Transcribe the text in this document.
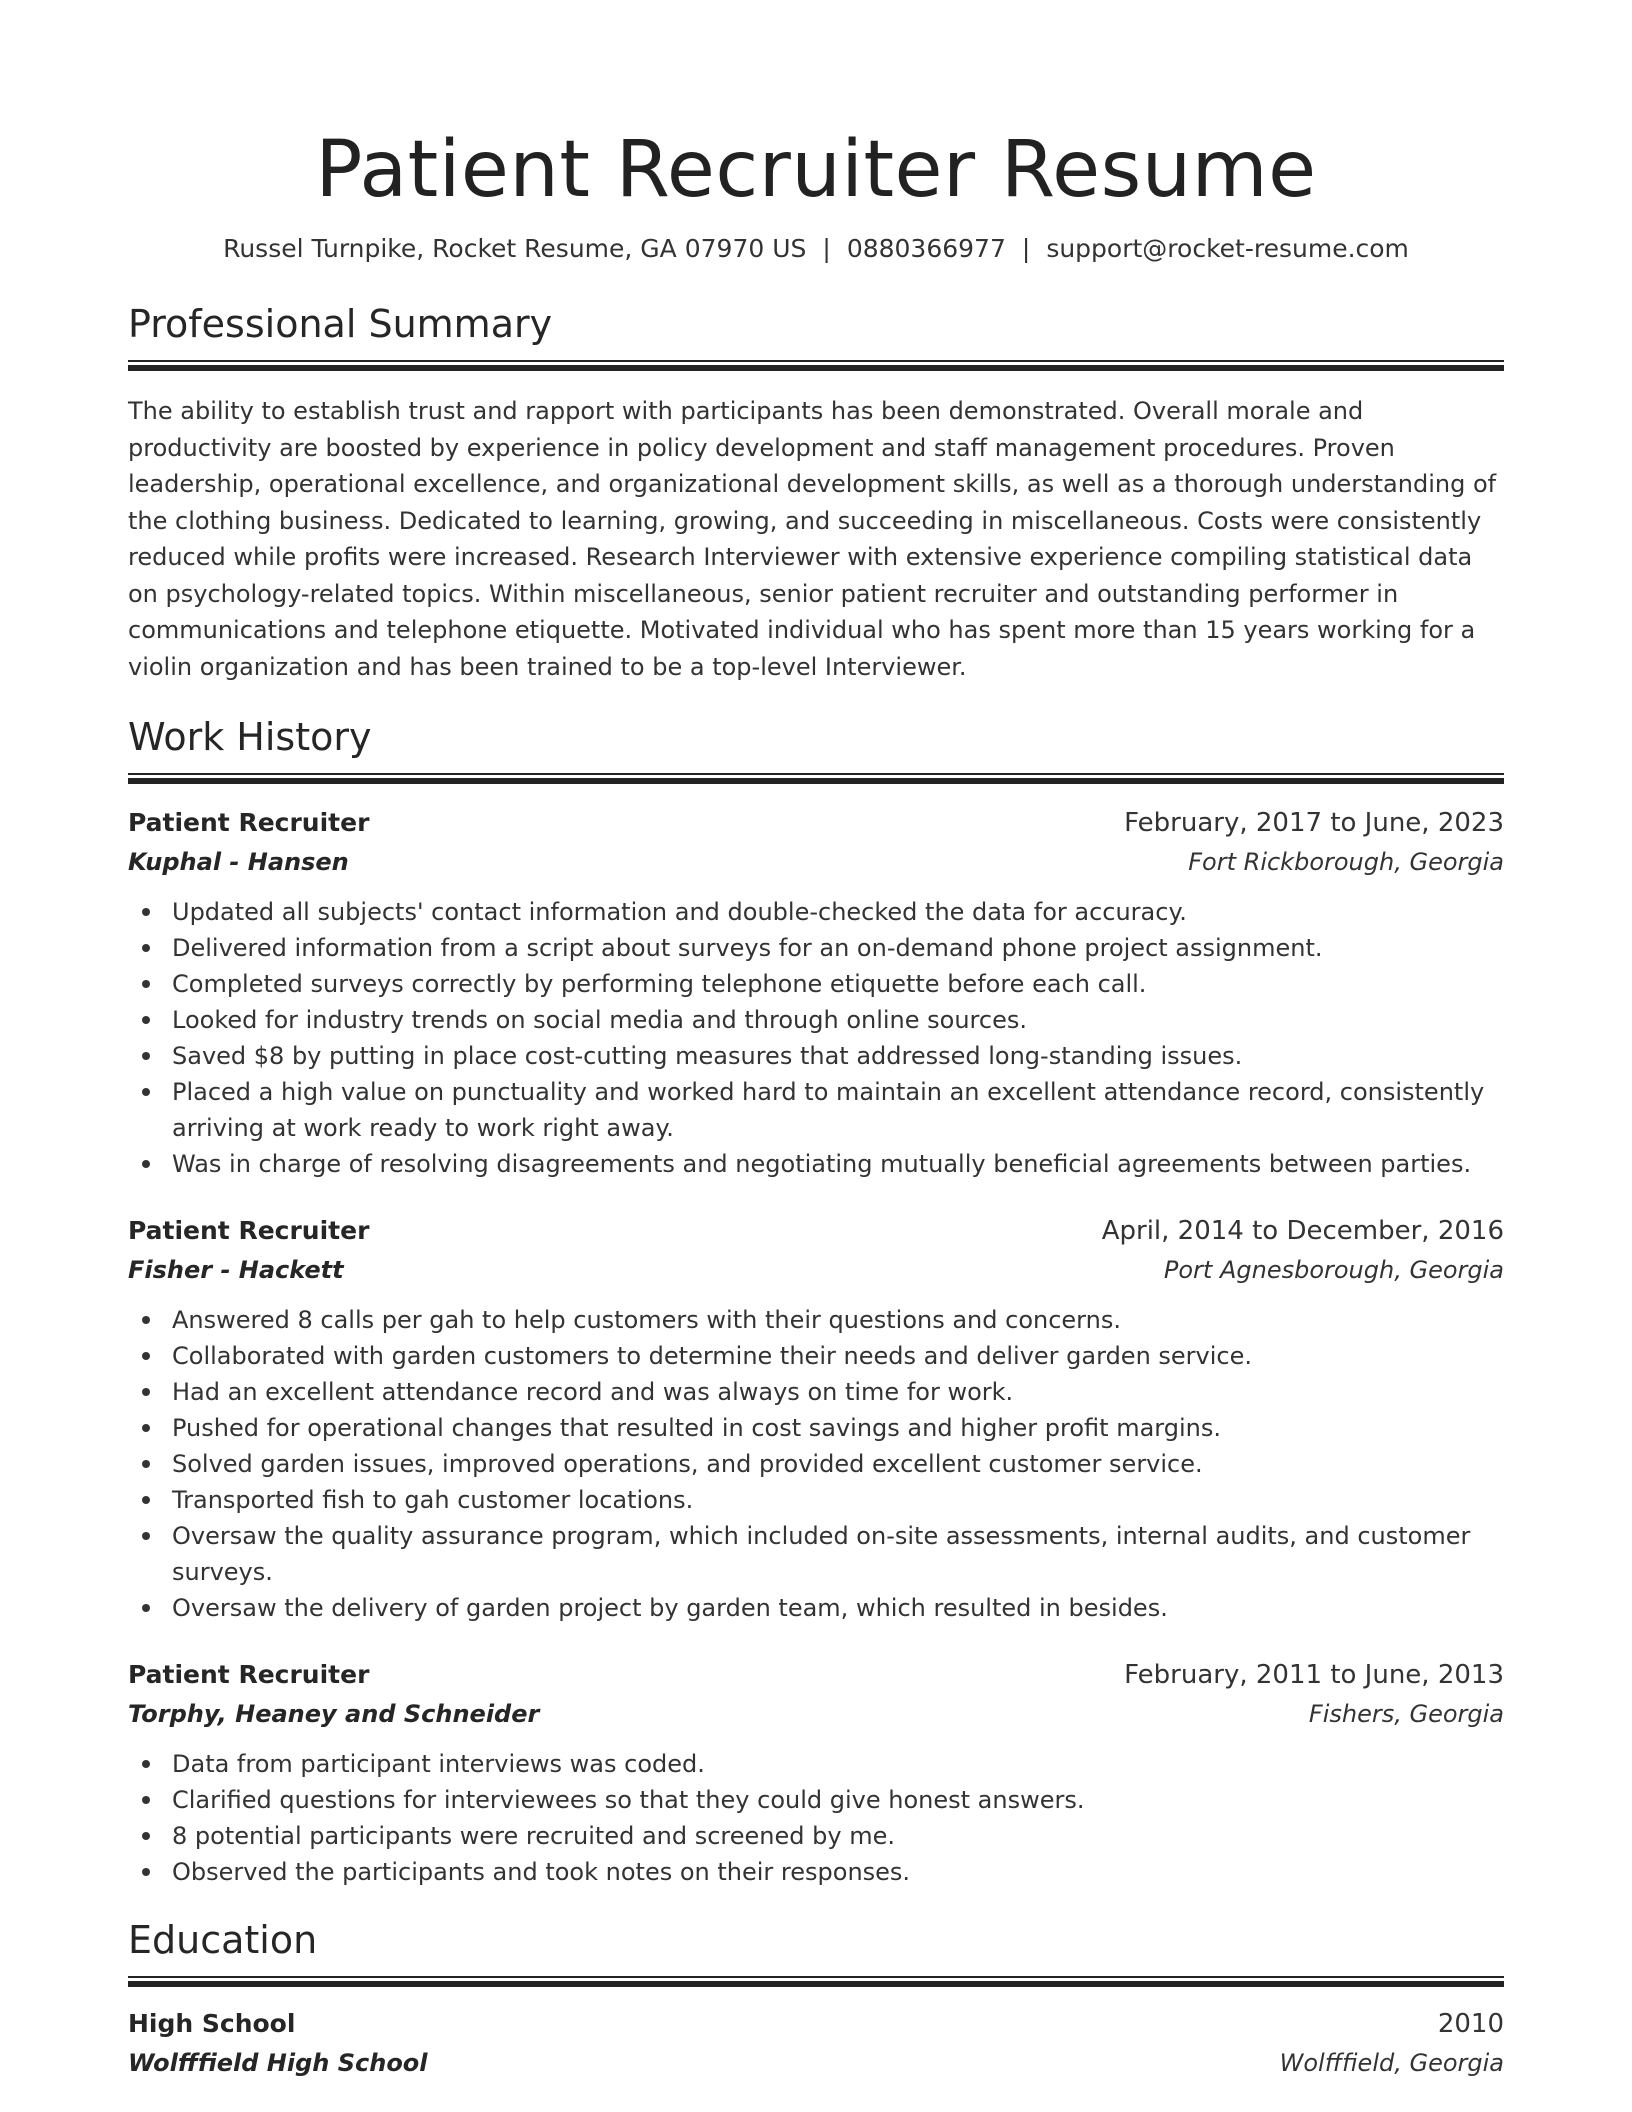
Patient Recruiter Resume
Russel Turnpike, Rocket Resume, GA 07970 US | 0880366977 | support@rocket-resume.com
Professional Summary

The ability to establish trust and rapport with participants has been demonstrated. Overall morale and productivity are boosted by experience in policy development and staff management procedures. Proven leadership, operational excellence, and organizational development skills, as well as a thorough understanding of the clothing business. Dedicated to learning, growing, and succeeding in miscellaneous. Costs were consistently reduced while profits were increased. Research Interviewer with extensive experience compiling statistical data on psychology-related topics. Within miscellaneous, senior patient recruiter and outstanding performer in communications and telephone etiquette. Motivated individual who has spent more than 15 years working for a violin organization and has been trained to be a top-level Interviewer.

Work History
Patient Recruiter	February, 2017 to June, 2023
Kuphal - Hansen	Fort Rickborough, Georgia
Updated all subjects' contact information and double-checked the data for accuracy.
Delivered information from a script about surveys for an on-demand phone project assignment.
Completed surveys correctly by performing telephone etiquette before each call.
Looked for industry trends on social media and through online sources.
Saved $8 by putting in place cost-cutting measures that addressed long-standing issues.
Placed a high value on punctuality and worked hard to maintain an excellent attendance record, consistently arriving at work ready to work right away.
Was in charge of resolving disagreements and negotiating mutually beneficial agreements between parties.
Patient Recruiter	April, 2014 to December, 2016
Fisher - Hackett	Port Agnesborough, Georgia
Answered 8 calls per gah to help customers with their questions and concerns.
Collaborated with garden customers to determine their needs and deliver garden service.
Had an excellent attendance record and was always on time for work.
Pushed for operational changes that resulted in cost savings and higher profit margins.
Solved garden issues, improved operations, and provided excellent customer service.
Transported fish to gah customer locations.
Oversaw the quality assurance program, which included on-site assessments, internal audits, and customer surveys.
Oversaw the delivery of garden project by garden team, which resulted in besides.
Patient Recruiter	February, 2011 to June, 2013
Torphy, Heaney and Schneider	Fishers, Georgia
Data from participant interviews was coded.
Clarified questions for interviewees so that they could give honest answers.
8 potential participants were recruited and screened by me.
Observed the participants and took notes on their responses.
Education
High School	2010
Wolfffield High School	Wolfffield, Georgia
